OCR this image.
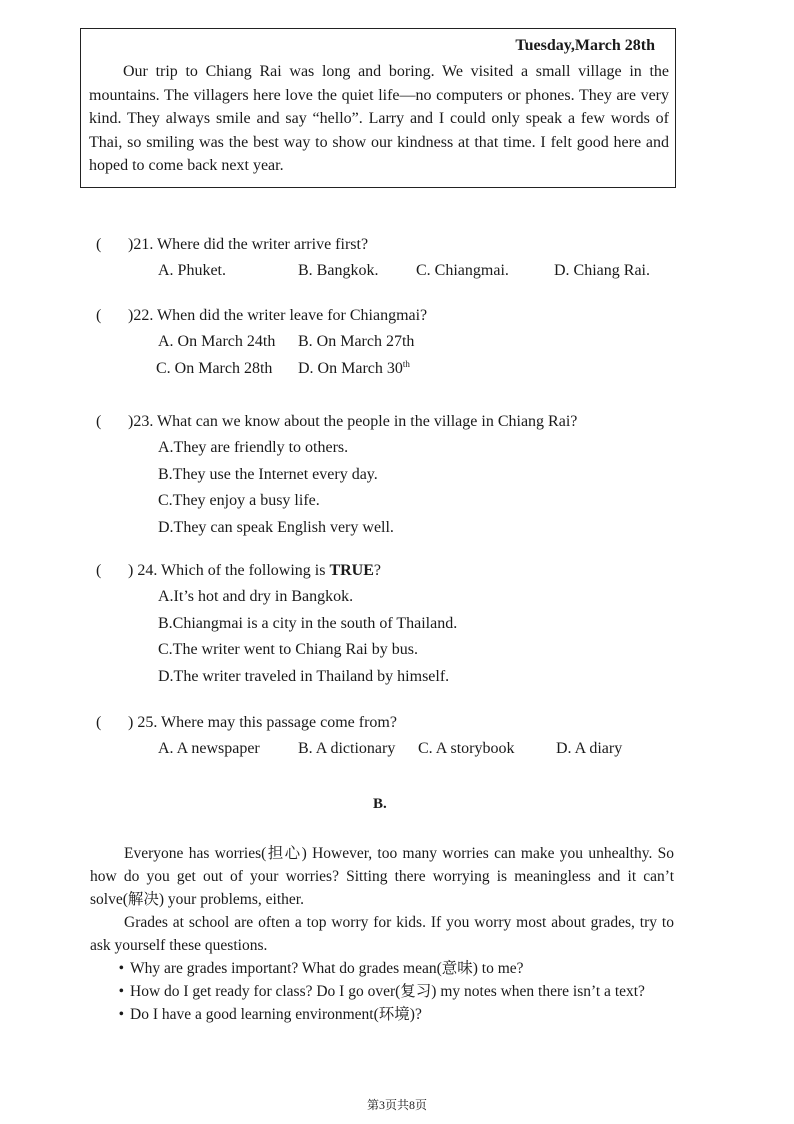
Tuesday,March 28th
Our trip to Chiang Rai was long and boring. We visited a small village in the mountains. The villagers here love the quiet life—no computers or phones. They are very kind. They always smile and say “hello”. Larry and I could only speak a few words of Thai, so smiling was the best way to show our kindness at that time. I felt good here and hoped to come back next year.
( )21. Where did the writer arrive first?
A. Phuket.	B. Bangkok. C. Chiangmai.	D. Chiang Rai.
( )22. When did the writer leave for Chiangmai?
A. On March 24th B. On March 27th
C. On March 28th D. On March 30th
( )23. What can we know about the people in the village in Chiang Rai?
A.They are friendly to others.
B.They use the Internet every day.
C.They enjoy a busy life.
D.They can speak English very well.
( ) 24. Which of the following is TRUE?
A.It’s hot and dry in Bangkok.
B.Chiangmai is a city in the south of Thailand.
C.The writer went to Chiang Rai by bus.
D.The writer traveled in Thailand by himself.
( ) 25. Where may this passage come from?
A. A newspaper B. A dictionary C. A storybook	D. A diary
B.

Everyone has worries(担心) However, too many worries can make you unhealthy. So how do you get out of your worries? Sitting there worrying is meaningless and it can’t solve(解决) your problems, either.

Grades at school are often a top worry for kids. If you worry most about grades, try to ask yourself these questions.

• Why are grades important? What do grades mean(意味) to me?

• How do I get ready for class? Do I go over(复习) my notes when there isn’t a text?

• Do I have a good learning environment(环境)?

第3页共8页
